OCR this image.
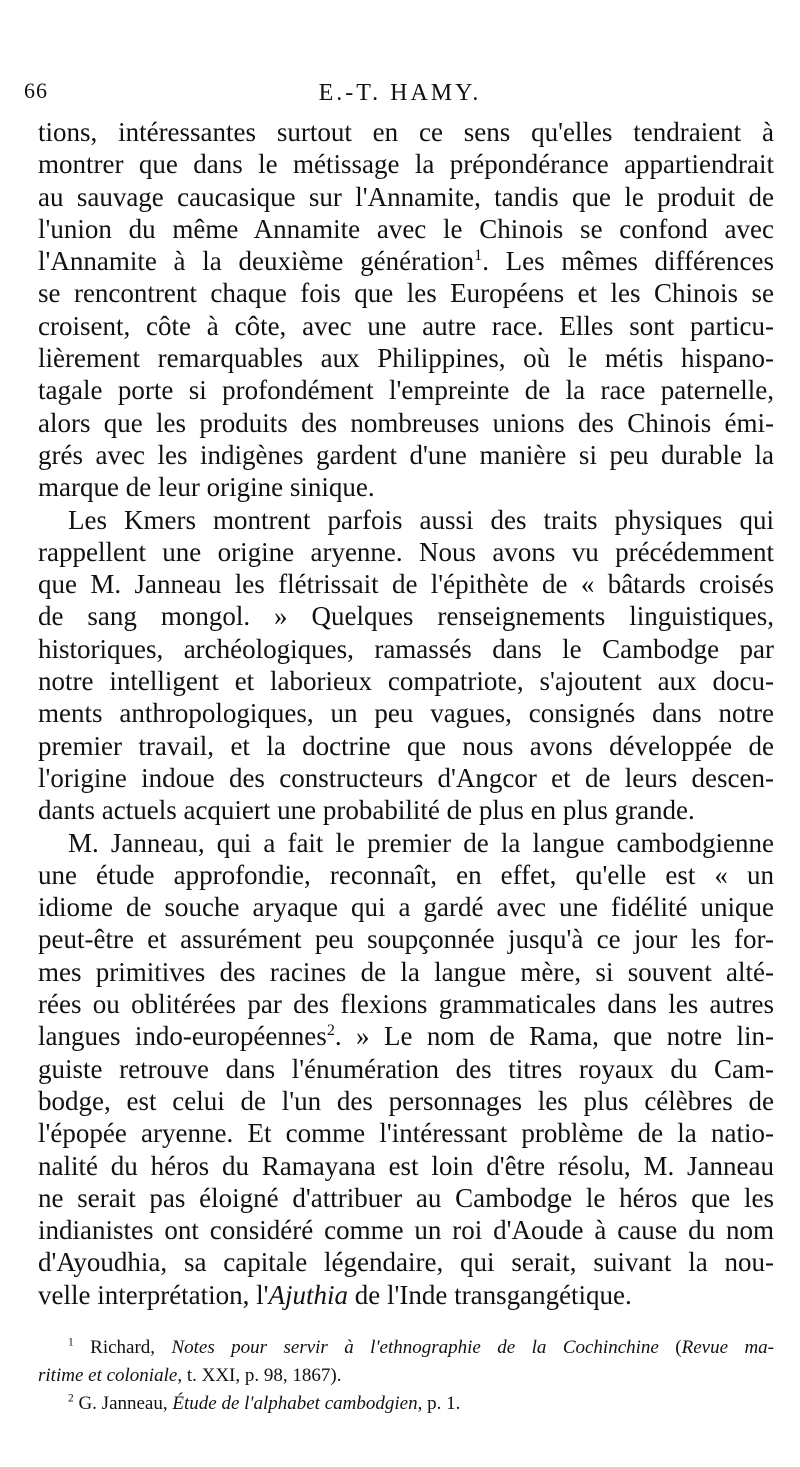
66	E.-T. HAMY.
tions, intéressantes surtout en ce sens qu'elles tendraient à
montrer que dans le métissage la prépondérance appartiendrait
au sauvage caucasique sur l'Annamite, tandis que le produit de
l'union du même Annamite avec le Chinois se confond avec
l'Annamite à la deuxième génération$^1$. Les mêmes différences
se rencontrent chaque fois que les Européens et les Chinois se
croisent, côte à côte, avec une autre race. Elles sont particu-
lièrement remarquables aux Philippines, où le métis hispano-
tagale porte si profondément l'empreinte de la race paternelle,
alors que les produits des nombreuses unions des Chinois émi-
grés avec les indigènes gardent d'une manière si peu durable la
marque de leur origine sinique.
Les Kmers montrent parfois aussi des traits physiques qui
rappellent une origine aryenne. Nous avons vu précédemment
que M. Janneau les flétrissait de l'épithète de « bâtards croisés
de sang mongol. » Quelques renseignements linguistiques,
historiques, archéologiques, ramassés dans le Cambodge par
notre intelligent et laborieux compatriote, s'ajoutent aux docu-
ments anthropologiques, un peu vagues, consignés dans notre
premier travail, et la doctrine que nous avons développée de
l'origine indoue des constructeurs d'Angcor et de leurs descen-
dants actuels acquiert une probabilité de plus en plus grande.
M. Janneau, qui a fait le premier de la langue cambodgienne
une étude approfondie, reconnaît, en effet, qu'elle est « un
idiome de souche aryaque qui a gardé avec une fidélité unique
peut-être et assurément peu soupçonnée jusqu'à ce jour les for-
mes primitives des racines de la langue mère, si souvent alté-
rées ou oblitérées par des flexions grammaticales dans les autres
langues indo-européennes$^2$. » Le nom de Rama, que notre lin-
guiste retrouve dans l'énumération des titres royaux du Cam-
bodge, est celui de l'un des personnages les plus célèbres de
l'épopée aryenne. Et comme l'intéressant problème de la natio-
nalité du héros du Ramayana est loin d'être résolu, M. Janneau
ne serait pas éloigné d'attribuer au Cambodge le héros que les
indianistes ont considéré comme un roi d'Aoude à cause du nom
d'Ayoudhia, sa capitale légendaire, qui serait, suivant la nou-
velle interprétation, l'Ajuthia de l'Inde transgangétique.
$^1$ Richard, Notes pour servir à l'ethnographie de la Cochinchine (Revue ma-
ritime et coloniale, t. XXI, p. 98, 1867).
$^2$ G. Janneau, Étude de l'alphabet cambodgien, p. 1.
